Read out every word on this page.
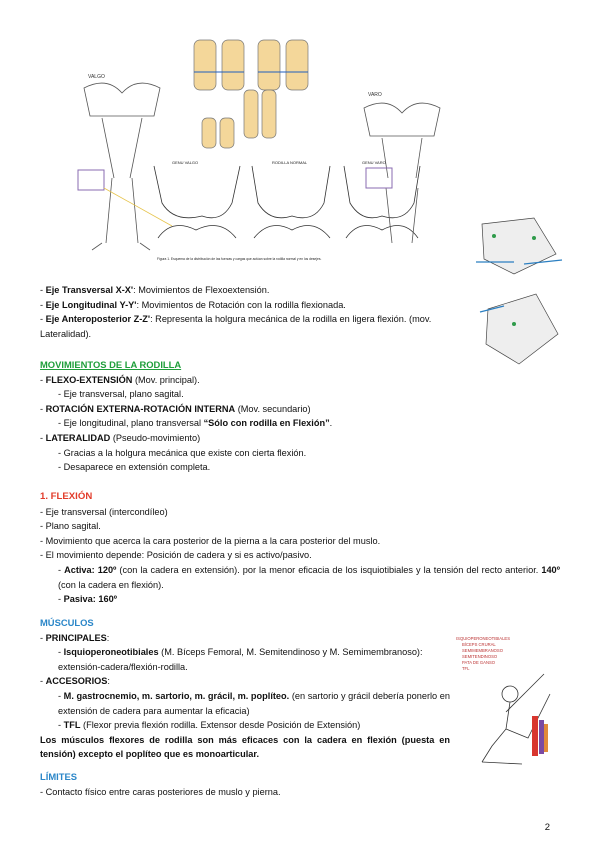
VALGO
GENU VALGO	RODILLA NORMAL	GENU VARO
Figura 1. Esquema de la distribución de las fuerzas y cargas que actúan sobre la rodilla normal y en los desejes.
VARO
ISQUIOPERONEOTIBIALES
BÍCEPS CRURAL
SEMIMEMBRANOSO
SEMITENDINOSO
PATA DE GANSO
TFL
- Eje Transversal X-X': Movimientos de Flexoextensión.
- Eje Longitudinal Y-Y': Movimientos de Rotación con la rodilla flexionada.
- Eje Anteroposterior Z-Z': Representa la holgura mecánica de la rodilla en ligera flexión. (mov. Lateralidad).
MOVIMIENTOS DE LA RODILLA
- FLEXO-EXTENSIÓN (Mov. principal).
- Eje transversal, plano sagital.
- ROTACIÓN EXTERNA-ROTACIÓN INTERNA (Mov. secundario)
- Eje longitudinal, plano transversal “Sólo con rodilla en Flexión”.
- LATERALIDAD (Pseudo-movimiento)
- Gracias a la holgura mecánica que existe con cierta flexión.
- Desaparece en extensión completa.
1. FLEXIÓN
- Eje transversal (intercondíleo)
- Plano sagital.
- Movimiento que acerca la cara posterior de la pierna a la cara posterior del muslo.
- El movimiento depende: Posición de cadera y si es activo/pasivo.
- Activa: 120º (con la cadera en extensión). por la menor eficacia de los isquiotibiales y la tensión del recto anterior. 140º (con la cadera en flexión).
- Pasiva: 160º
MÚSCULOS
- PRINCIPALES:
- Isquioperoneotibiales (M. Bíceps Femoral, M. Semitendinoso y M. Semimembranoso): extensión-cadera/flexión-rodilla.
- ACCESORIOS:
- M. gastrocnemio, m. sartorio, m. grácil, m. poplíteo. (en sartorio y grácil debería ponerlo en extensión de cadera para aumentar la eficacia)
- TFL (Flexor previa flexión rodilla. Extensor desde Posición de Extensión)
Los músculos flexores de rodilla son más eficaces con la cadera en flexión (puesta en tensión) excepto el poplíteo que es monoarticular.
LÍMITES
- Contacto físico entre caras posteriores de muslo y pierna.
2
